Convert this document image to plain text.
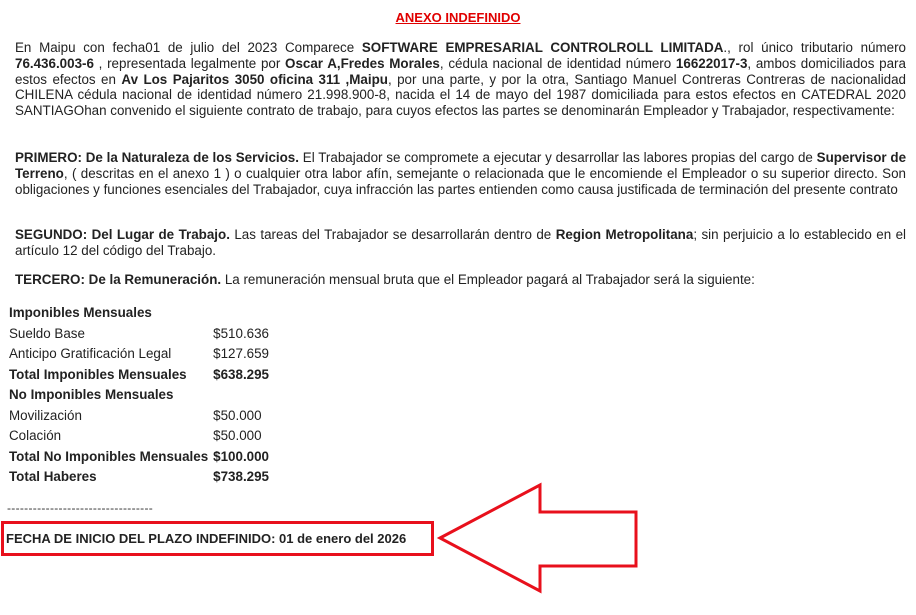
ANEXO INDEFINIDO

En Maipu con fecha01 de julio del 2023 Comparece SOFTWARE EMPRESARIAL CONTROLROLL LIMITADA., rol único tributario número 76.436.003-6 , representada legalmente por Oscar A,Fredes Morales, cédula nacional de identidad número 16622017-3, ambos domiciliados para estos efectos en Av Los Pajaritos 3050 oficina 311 ,Maipu, por una parte, y por la otra, Santiago Manuel Contreras Contreras de nacionalidad CHILENA cédula nacional de identidad número 21.998.900-8, nacida el 14 de mayo del 1987 domiciliada para estos efectos en CATEDRAL 2020 SANTIAGOhan convenido el siguiente contrato de trabajo, para cuyos efectos las partes se denominarán Empleador y Trabajador, respectivamente:

PRIMERO: De la Naturaleza de los Servicios. El Trabajador se compromete a ejecutar y desarrollar las labores propias del cargo de Supervisor de Terreno, ( descritas en el anexo 1 ) o cualquier otra labor afín, semejante o relacionada que le encomiende el Empleador o su superior directo. Son obligaciones y funciones esenciales del Trabajador, cuya infracción las partes entienden como causa justificada de terminación del presente contrato

SEGUNDO: Del Lugar de Trabajo. Las tareas del Trabajador se desarrollarán dentro de Region Metropolitana; sin perjuicio a lo establecido en el artículo 12 del código del Trabajo.

TERCERO: De la Remuneración. La remuneración mensual bruta que el Empleador pagará al Trabajador será la siguiente:

Imponibles Mensuales	
Sueldo Base	$510.636
Anticipo Gratificación Legal	$127.659
Total Imponibles Mensuales	$638.295
No Imponibles Mensuales	
Movilización	$50.000
Colación	$50.000
Total No Imponibles Mensuales	$100.000
Total Haberes	$738.295
----------------------------------
FECHA DE INICIO DEL PLAZO INDEFINIDO: 01 de enero del 2026
